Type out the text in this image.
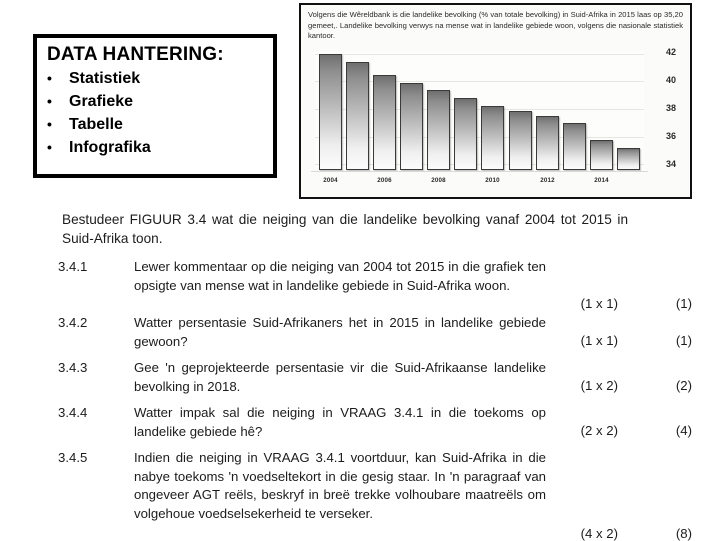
DATA HANTERING:
•	Statistiek
•	Grafieke
•	Tabelle
•	Infografika
Volgens die Wêreldbank is die landelike bevolking (% van totale bevolking) in Suid-Afrika in 2015 laas op 35,20 gemeet,. Landelike bevolking verwys na mense wat in landelike gebiede woon, volgens die nasionale statistiek kantoor.
34
36
38
40
42
2004	2006	2008	2010	2012	2014
Bestudeer FIGUUR 3.4 wat die neiging van die landelike bevolking vanaf 2004 tot 2015 in Suid-Afrika toon.
3.4.1	Lewer kommentaar op die neiging van 2004 tot 2015 in die grafiek ten opsigte van mense wat in landelike gebiede in Suid-Afrika woon.
(1 x 1)	(1)
3.4.2	Watter persentasie Suid-Afrikaners het in 2015 in landelike gebiede gewoon?	(1 x 1)	(1)
3.4.3	Gee 'n geprojekteerde persentasie vir die Suid-Afrikaanse landelike bevolking in 2018.	(1 x 2)	(2)
3.4.4	Watter impak sal die neiging in VRAAG 3.4.1 in die toekoms op landelike gebiede hê?	(2 x 2)	(4)
3.4.5	Indien die neiging in VRAAG 3.4.1 voortduur, kan Suid-Afrika in die nabye toekoms 'n voedseltekort in die gesig staar. In 'n paragraaf van ongeveer AGT reëls, beskryf in breë trekke volhoubare maatreëls om volgehoue voedselsekerheid te verseker.
(4 x 2)	(8)
